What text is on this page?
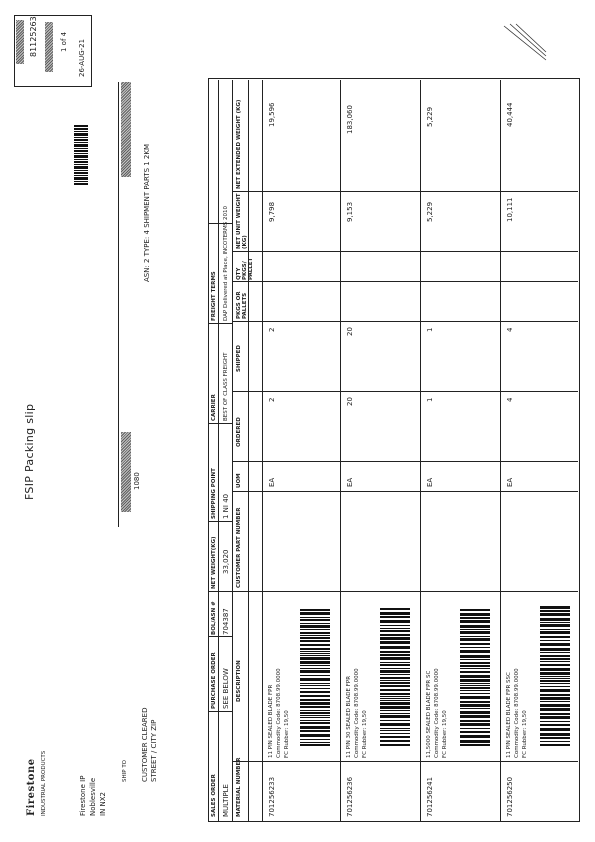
FSIP Packing slip
Firestone INDUSTRIAL PRODUCTS	Firestone IP Noblesville IN NX2
81125263
26-AUG-21
1 of 4
SHIP TO
1080
CUSTOMER CLEARED STREET / CITY ZIP
ASN: 2 TYPE: 4 SHIPMENT PARTS 1 2KM
SALES ORDER
PURCHASE ORDER
BOL/ASN #
NET WEIGHT(KG)
SHIPPING POINT
CARRIER
FREIGHT TERMS
MULTIPLE
SEE BELOW
704387
33,020
1 NI 40
BEST OF CLASS FREIGHT
DAP Delivered at Place, INCOTERMS 2010
MATERIAL NUMBER
DESCRIPTION
CUSTOMER PART NUMBER
UOM
ORDERED
SHIPPED
PKGS OR PALLETS
QTY PKGS/ PALLET
NET UNIT WEIGHT (KG)
NET EXTENDED WEIGHT (KG)
701256233
11 PIN SEALED BLADE FPR Commodity Code: 8708.99.0000 FC Rubber: 19,50
EA
2
2
9,798
19,596
701256236
11 PIN 30 SEALED BLADE FPR Commodity Code: 8708.99.0000 FC Rubber: 19,50
EA
20
20
9,153
183,060
701256241
11,5000 SEALED BLADE FPR SC Commodity Code: 8708.99.0000 FC Rubber: 19,50
EA
1
1
5,229
5,229
701256250
11 PIN SEALED BLADE FPR SSC Commodity Code: 8708.99.0000 FC Rubber: 19,50
EA
4
4
10,111
40,444
